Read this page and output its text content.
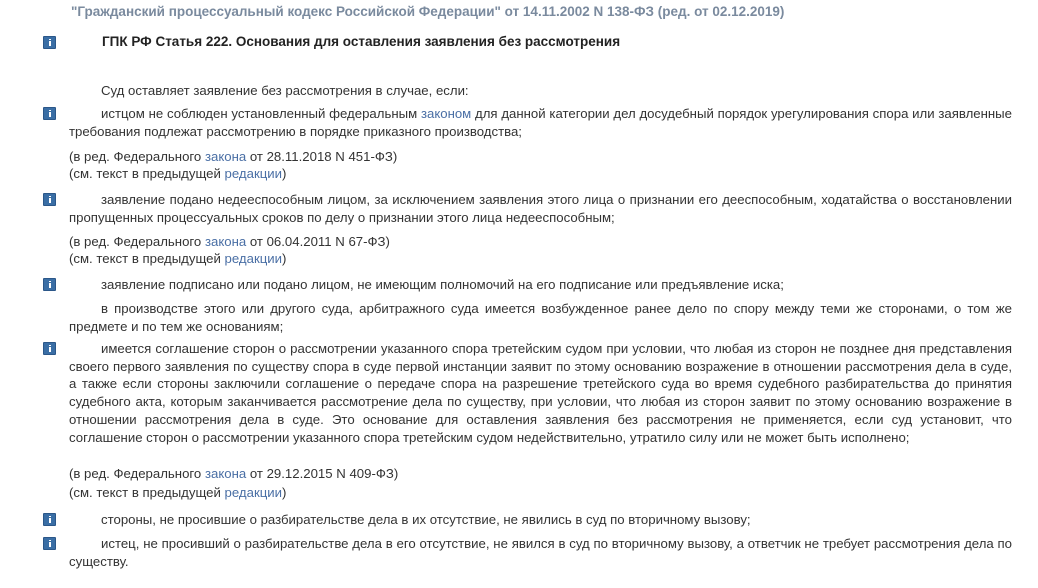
"Гражданский процессуальный кодекс Российской Федерации" от 14.11.2002 N 138-ФЗ (ред. от 02.12.2019)
ГПК РФ Статья 222. Основания для оставления заявления без рассмотрения
Суд оставляет заявление без рассмотрения в случае, если:

истцом не соблюден установленный федеральным законом для данной категории дел досудебный порядок урегулирования спора или заявленные требования подлежат рассмотрению в порядке приказного производства;

(в ред. Федерального закона от 28.11.2018 N 451-ФЗ)

(см. текст в предыдущей редакции)

заявление подано недееспособным лицом, за исключением заявления этого лица о признании его дееспособным, ходатайства о восстановлении пропущенных процессуальных сроков по делу о признании этого лица недееспособным;

(в ред. Федерального закона от 06.04.2011 N 67-ФЗ)

(см. текст в предыдущей редакции)

заявление подписано или подано лицом, не имеющим полномочий на его подписание или предъявление иска;

в производстве этого или другого суда, арбитражного суда имеется возбужденное ранее дело по спору между теми же сторонами, о том же предмете и по тем же основаниям;

имеется соглашение сторон о рассмотрении указанного спора третейским судом при условии, что любая из сторон не позднее дня представления своего первого заявления по существу спора в суде первой инстанции заявит по этому основанию возражение в отношении рассмотрения дела в суде, а также если стороны заключили соглашение о передаче спора на разрешение третейского суда во время судебного разбирательства до принятия судебного акта, которым заканчивается рассмотрение дела по существу, при условии, что любая из сторон заявит по этому основанию возражение в отношении рассмотрения дела в суде. Это основание для оставления заявления без рассмотрения не применяется, если суд установит, что соглашение сторон о рассмотрении указанного спора третейским судом недействительно, утратило силу или не может быть исполнено;

(в ред. Федерального закона от 29.12.2015 N 409-ФЗ)

(см. текст в предыдущей редакции)

стороны, не просившие о разбирательстве дела в их отсутствие, не явились в суд по вторичному вызову;

истец, не просивший о разбирательстве дела в его отсутствие, не явился в суд по вторичному вызову, а ответчик не требует рассмотрения дела по существу.
